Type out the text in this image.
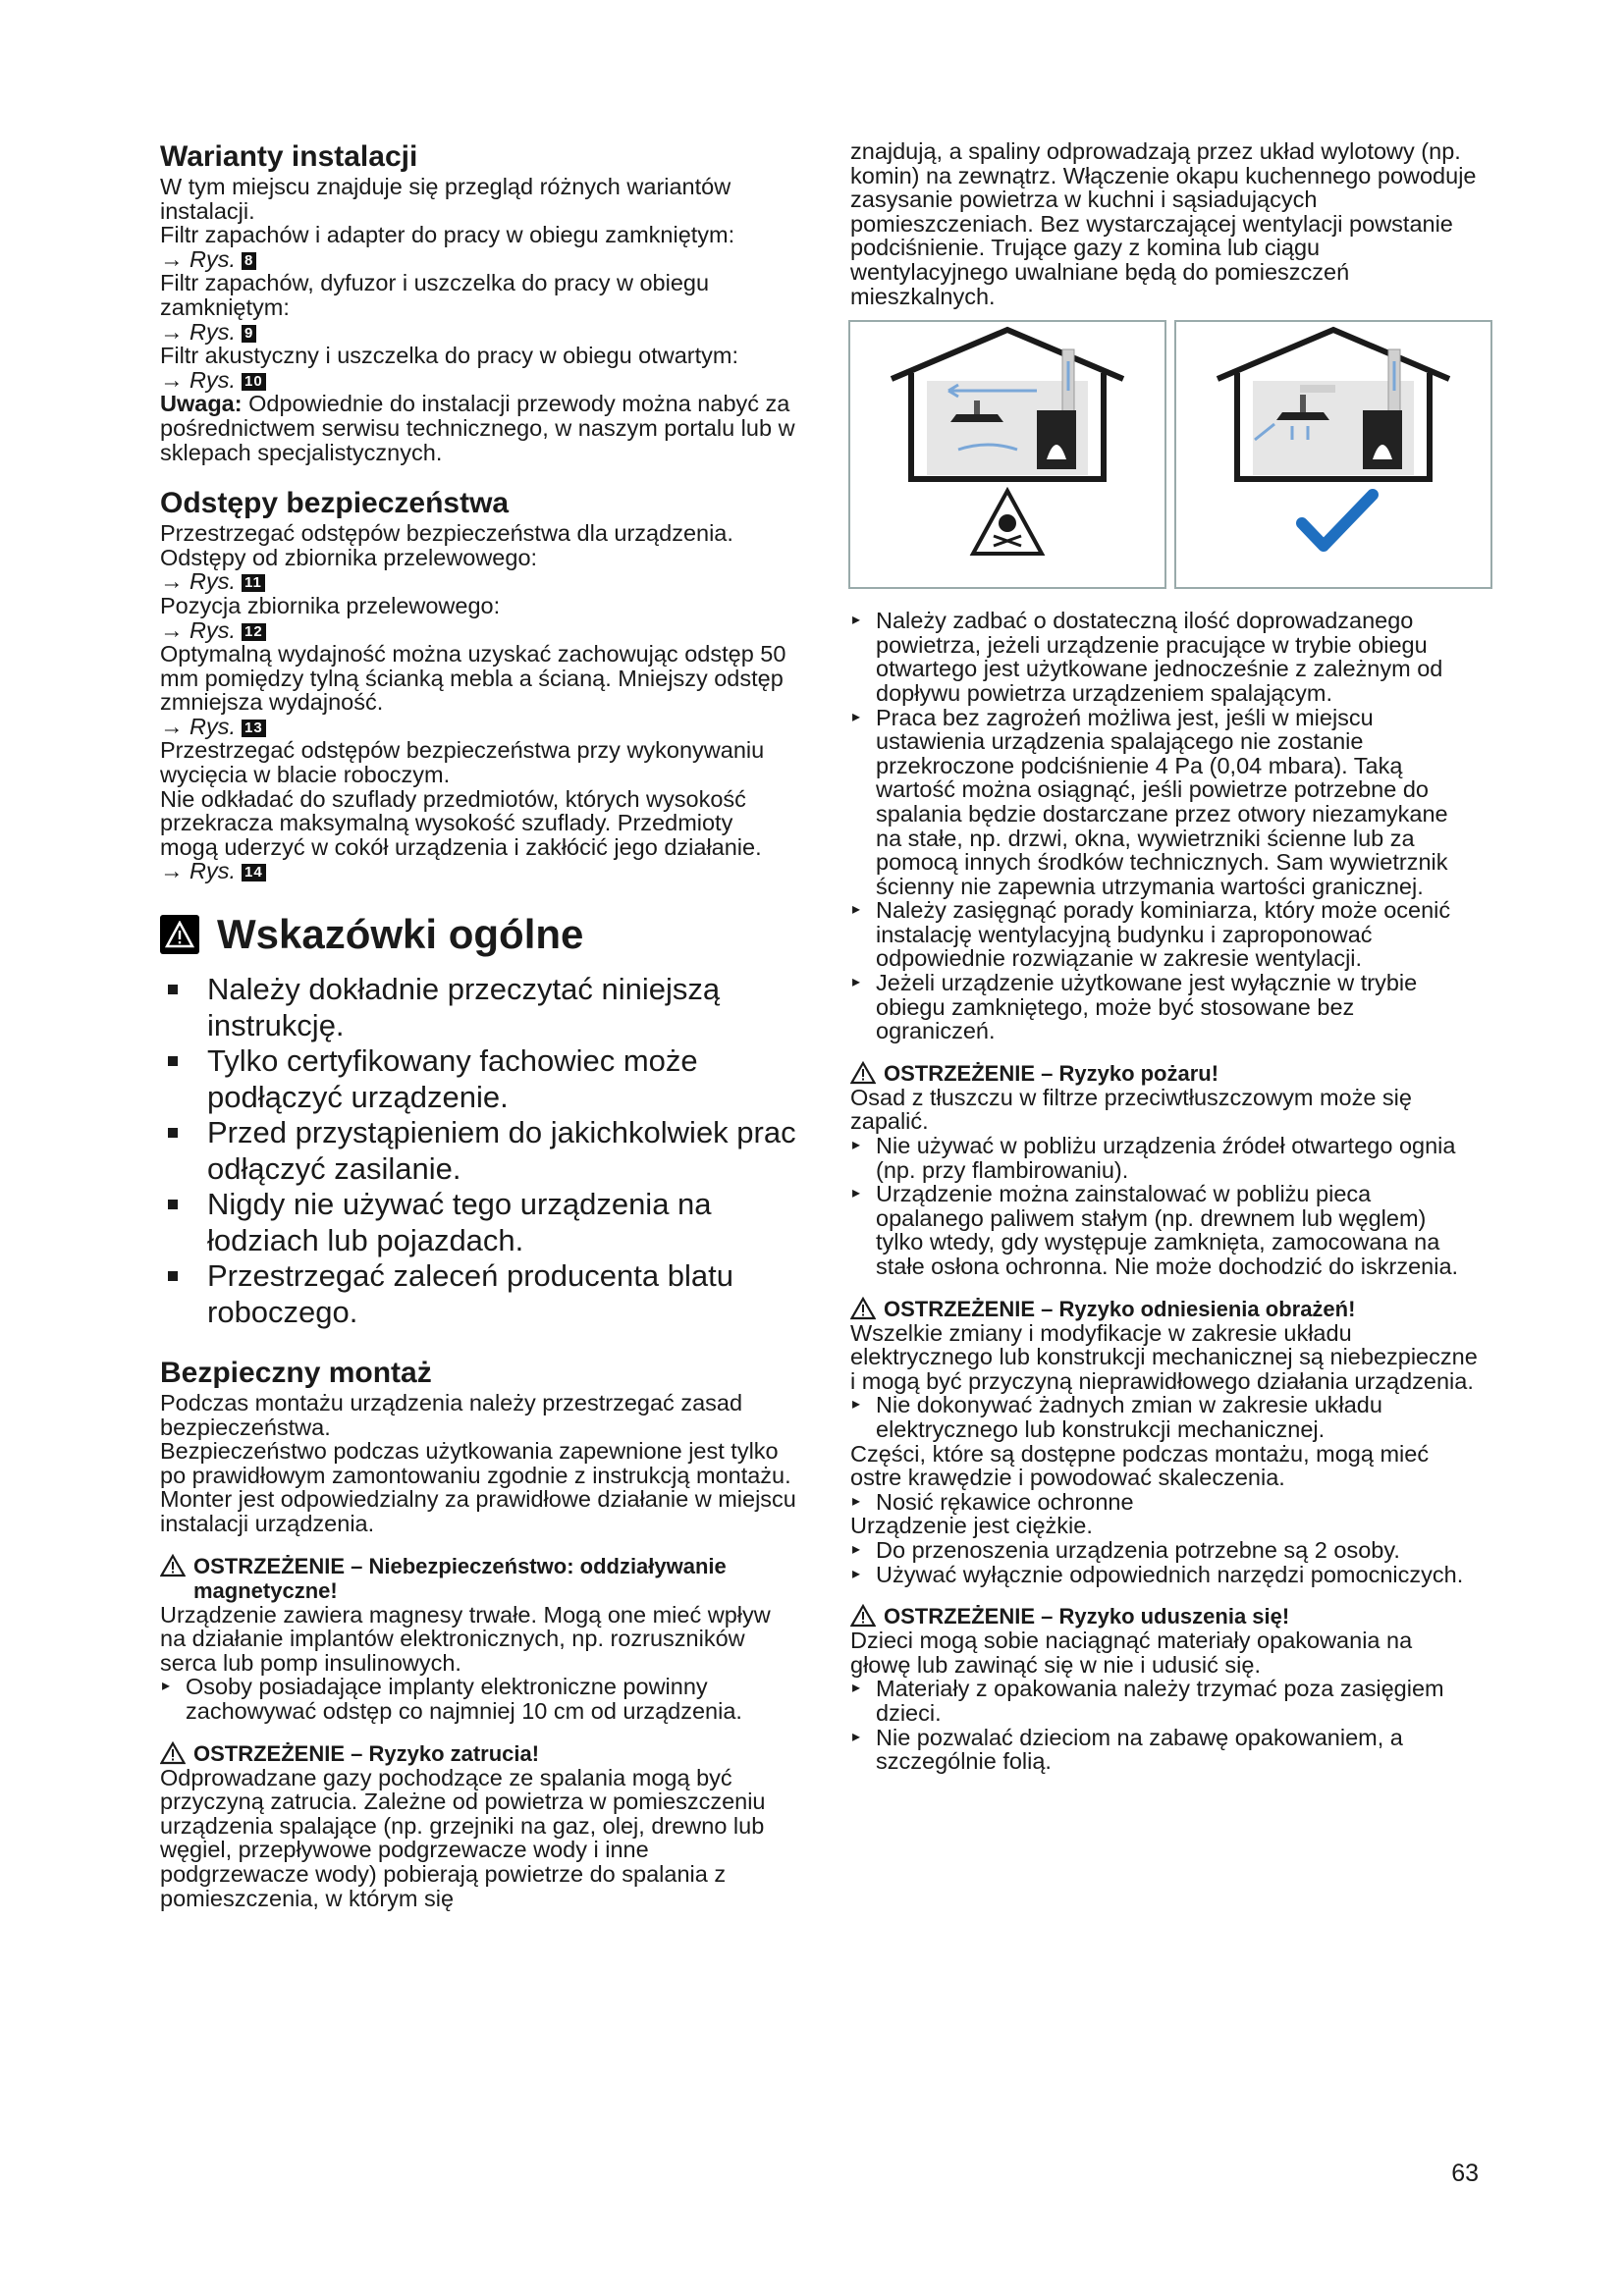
Warianty instalacji

W tym miejscu znajduje się przegląd różnych wariantów instalacji.

Filtr zapachów i adapter do pracy w obiegu zamkniętym:

→ Rys. 8

Filtr zapachów, dyfuzor i uszczelka do pracy w obiegu zamkniętym:

→ Rys. 9

Filtr akustyczny i uszczelka do pracy w obiegu otwartym:

→ Rys. 10

Uwaga: Odpowiednie do instalacji przewody można nabyć za pośrednictwem serwisu technicznego, w naszym portalu lub w sklepach specjalistycznych.

Odstępy bezpieczeństwa

Przestrzegać odstępów bezpieczeństwa dla urządzenia.

Odstępy od zbiornika przelewowego:

→ Rys. 11

Pozycja zbiornika przelewowego:

→ Rys. 12

Optymalną wydajność można uzyskać zachowując odstęp 50 mm pomiędzy tylną ścianką mebla a ścianą. Mniejszy odstęp zmniejsza wydajność.

→ Rys. 13

Przestrzegać odstępów bezpieczeństwa przy wykonywaniu wycięcia w blacie roboczym.

Nie odkładać do szuflady przedmiotów, których wysokość przekracza maksymalną wysokość szuflady. Przedmioty mogą uderzyć w cokół urządzenia i zakłócić jego działanie.

→ Rys. 14

Wskazówki ogólne
Należy dokładnie przeczytać niniejszą instrukcję.
Tylko certyfikowany fachowiec może podłączyć urządzenie.
Przed przystąpieniem do jakichkolwiek prac odłączyć zasilanie.
Nigdy nie używać tego urządzenia na łodziach lub pojazdach.
Przestrzegać zaleceń producenta blatu roboczego.
Bezpieczny montaż

Podczas montażu urządzenia należy przestrzegać zasad bezpieczeństwa.

Bezpieczeństwo podczas użytkowania zapewnione jest tylko po prawidłowym zamontowaniu zgodnie z instrukcją montażu. Monter jest odpowiedzialny za prawidłowe działanie w miejscu instalacji urządzenia.

OSTRZEŻENIE – Niebezpieczeństwo: oddziaływanie magnetyczne!

Urządzenie zawiera magnesy trwałe. Mogą one mieć wpływ na działanie implantów elektronicznych, np. rozruszników serca lub pomp insulinowych.

▸ Osoby posiadające implanty elektroniczne powinny zachowywać odstęp co najmniej 10 cm od urządzenia.
OSTRZEŻENIE – Ryzyko zatrucia!

Odprowadzane gazy pochodzące ze spalania mogą być przyczyną zatrucia. Zależne od powietrza w pomieszczeniu urządzenia spalające (np. grzejniki na gaz, olej, drewno lub węgiel, przepływowe podgrzewacze wody i inne podgrzewacze wody) pobierają powietrze do spalania z pomieszczenia, w którym się

znajdują, a spaliny odprowadzają przez układ wylotowy (np. komin) na zewnątrz. Włączenie okapu kuchennego powoduje zasysanie powietrza w kuchni i sąsiadujących pomieszczeniach. Bez wystarczającej wentylacji powstanie podciśnienie. Trujące gazy z komina lub ciągu wentylacyjnego uwalniane będą do pomieszczeń mieszkalnych.

▸ Należy zadbać o dostateczną ilość doprowadzanego powietrza, jeżeli urządzenie pracujące w trybie obiegu otwartego jest użytkowane jednocześnie z zależnym od dopływu powietrza urządzeniem spalającym.
▸ Praca bez zagrożeń możliwa jest, jeśli w miejscu ustawienia urządzenia spalającego nie zostanie przekroczone podciśnienie 4 Pa (0,04 mbara). Taką wartość można osiągnąć, jeśli powietrze potrzebne do spalania będzie dostarczane przez otwory niezamykane na stałe, np. drzwi, okna, wywietrzniki ścienne lub za pomocą innych środków technicznych. Sam wywietrznik ścienny nie zapewnia utrzymania wartości granicznej.
▸ Należy zasięgnąć porady kominiarza, który może ocenić instalację wentylacyjną budynku i zaproponować odpowiednie rozwiązanie w zakresie wentylacji.
▸ Jeżeli urządzenie użytkowane jest wyłącznie w trybie obiegu zamkniętego, może być stosowane bez ograniczeń.
OSTRZEŻENIE – Ryzyko pożaru!

Osad z tłuszczu w filtrze przeciwtłuszczowym może się zapalić.

▸ Nie używać w pobliżu urządzenia źródeł otwartego ognia (np. przy flambirowaniu).
▸ Urządzenie można zainstalować w pobliżu pieca opalanego paliwem stałym (np. drewnem lub węglem) tylko wtedy, gdy występuje zamknięta, zamocowana na stałe osłona ochronna. Nie może dochodzić do iskrzenia.
OSTRZEŻENIE – Ryzyko odniesienia obrażeń!

Wszelkie zmiany i modyfikacje w zakresie układu elektrycznego lub konstrukcji mechanicznej są niebezpieczne i mogą być przyczyną nieprawidłowego działania urządzenia.

▸ Nie dokonywać żadnych zmian w zakresie układu elektrycznego lub konstrukcji mechanicznej.

Części, które są dostępne podczas montażu, mogą mieć ostre krawędzie i powodować skaleczenia.

▸ Nosić rękawice ochronne

Urządzenie jest ciężkie.

▸ Do przenoszenia urządzenia potrzebne są 2 osoby.
▸ Używać wyłącznie odpowiednich narzędzi pomocniczych.
OSTRZEŻENIE – Ryzyko uduszenia się!

Dzieci mogą sobie naciągnąć materiały opakowania na głowę lub zawinąć się w nie i udusić się.

▸ Materiały z opakowania należy trzymać poza zasięgiem dzieci.
▸ Nie pozwalać dzieciom na zabawę opakowaniem, a szczególnie folią.
63
